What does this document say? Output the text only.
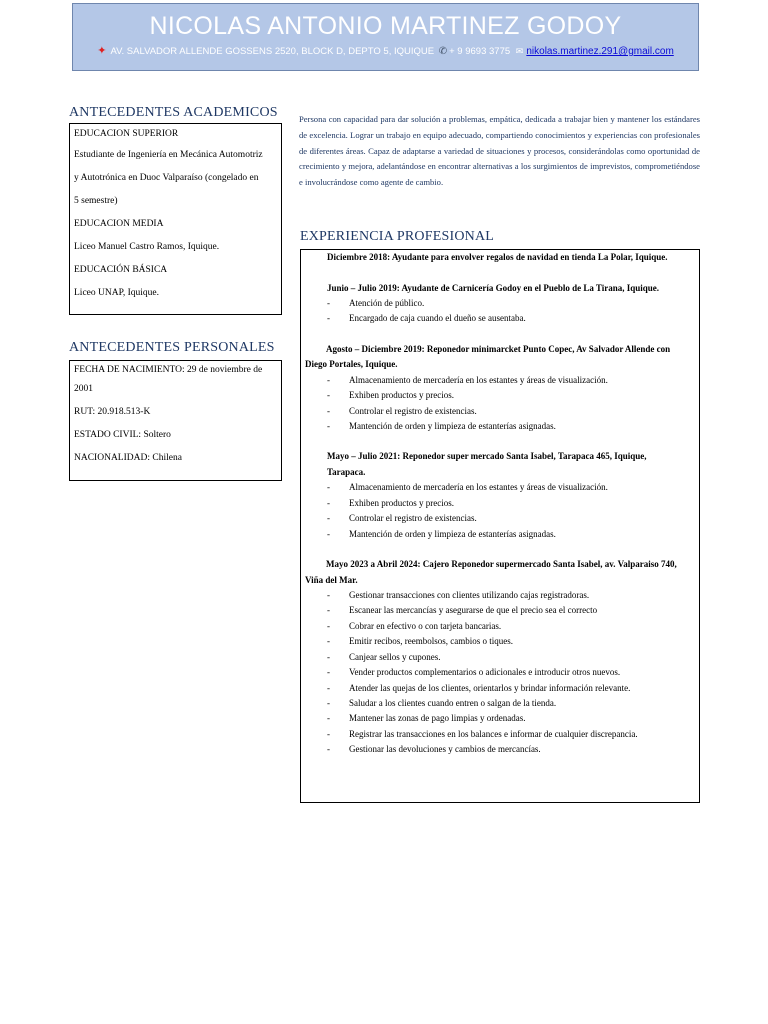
NICOLAS ANTONIO MARTINEZ GODOY
✦ AV. SALVADOR ALLENDE GOSSENS 2520, BLOCK D, DEPTO 5, IQUIQUE ✆ + 9 9693 3775 ✉ nikolas.martinez.291@gmail.com
ANTECEDENTES ACADEMICOS

EDUCACION SUPERIOR

Estudiante de Ingeniería en Mecánica Automotriz

y Autotrónica en Duoc Valparaíso (congelado en

5 semestre)

EDUCACION MEDIA

Liceo Manuel Castro Ramos, Iquique.

EDUCACIÓN BÁSICA

Liceo UNAP, Iquique.

ANTECEDENTES PERSONALES

FECHA DE NACIMIENTO: 29 de noviembre de

2001

RUT: 20.918.513-K

ESTADO CIVIL: Soltero

NACIONALIDAD: Chilena

Persona con capacidad para dar solución a problemas, empática, dedicada a trabajar bien y mantener los estándares de excelencia. Lograr un trabajo en equipo adecuado, compartiendo conocimientos y experiencias con profesionales de diferentes áreas. Capaz de adaptarse a variedad de situaciones y procesos, considerándolas como oportunidad de crecimiento y mejora, adelantándose en encontrar alternativas a los surgimientos de imprevistos, comprometiéndose e involucrándose como agente de cambio.
EXPERIENCIA PROFESIONAL
Diciembre 2018: Ayudante para envolver regalos de navidad en tienda La Polar, Iquique.
Junio – Julio 2019: Ayudante de Carnicería Godoy en el Pueblo de La Tirana, Iquique.
- Atención de público.
- Encargado de caja cuando el dueño se ausentaba.
Agosto – Diciembre 2019: Reponedor minimarcket Punto Copec, Av Salvador Allende con Diego Portales, Iquique.
- Almacenamiento de mercadería en los estantes y áreas de visualización.
- Exhiben productos y precios.
- Controlar el registro de existencias.
- Mantención de orden y limpieza de estanterías asignadas.
Mayo – Julio 2021: Reponedor super mercado Santa Isabel, Tarapaca 465, Iquique, Tarapaca.
- Almacenamiento de mercadería en los estantes y áreas de visualización.
- Exhiben productos y precios.
- Controlar el registro de existencias.
- Mantención de orden y limpieza de estanterías asignadas.
Mayo 2023 a Abril 2024: Cajero Reponedor supermercado Santa Isabel, av. Valparaiso 740, Viña del Mar.
- Gestionar transacciones con clientes utilizando cajas registradoras.
- Escanear las mercancías y asegurarse de que el precio sea el correcto
- Cobrar en efectivo o con tarjeta bancarias.
- Emitir recibos, reembolsos, cambios o tiques.
- Canjear sellos y cupones.
- Vender productos complementarios o adicionales e introducir otros nuevos.
- Atender las quejas de los clientes, orientarlos y brindar información relevante.
- Saludar a los clientes cuando entren o salgan de la tienda.
- Mantener las zonas de pago limpias y ordenadas.
- Registrar las transacciones en los balances e informar de cualquier discrepancia.
- Gestionar las devoluciones y cambios de mercancías.
